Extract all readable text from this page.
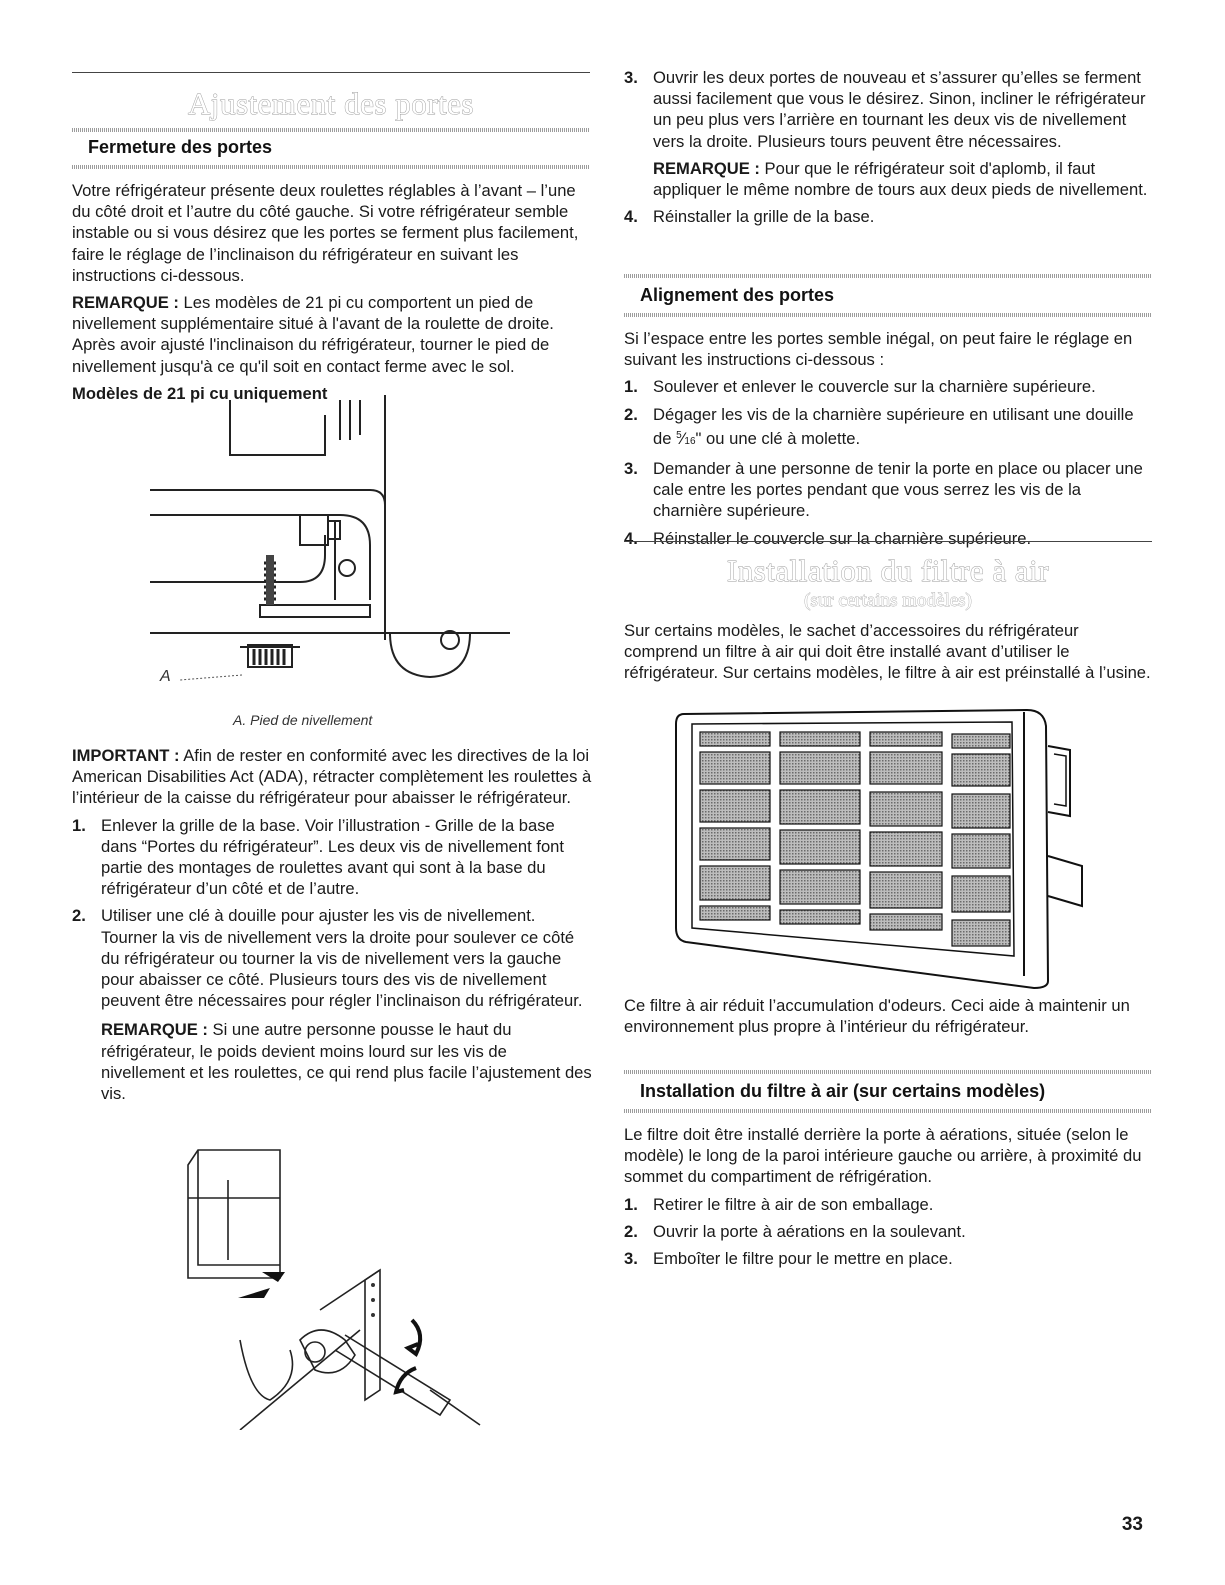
Ajustement des portes
Fermeture des portes

Votre réfrigérateur présente deux roulettes réglables à l’avant – l’une du côté droit et l’autre du côté gauche. Si votre réfrigérateur semble instable ou si vous désirez que les portes se ferment plus facilement, faire le réglage de l’inclinaison du réfrigérateur en suivant les instructions ci-dessous.

REMARQUE : Les modèles de 21 pi cu comportent un pied de nivellement supplémentaire situé à l'avant de la roulette de droite. Après avoir ajusté l'inclinaison du réfrigérateur, tourner le pied de nivellement jusqu'à ce qu'il soit en contact ferme avec le sol.

Modèles de 21 pi cu uniquement

A
A. Pied de nivellement

IMPORTANT : Afin de rester en conformité avec les directives de la loi American Disabilities Act (ADA), rétracter complètement les roulettes à l’intérieur de la caisse du réfrigérateur pour abaisser le réfrigérateur.

1. Enlever la grille de la base. Voir l’illustration - Grille de la base dans “Portes du réfrigérateur”. Les deux vis de nivellement font partie des montages de roulettes avant qui sont à la base du réfrigérateur d’un côté et de l’autre.
2. Utiliser une clé à douille pour ajuster les vis de nivellement. Tourner la vis de nivellement vers la droite pour soulever ce côté du réfrigérateur ou tourner la vis de nivellement vers la gauche pour abaisser ce côté. Plusieurs tours des vis de nivellement peuvent être nécessaires pour régler l’inclinaison du réfrigérateur.

REMARQUE : Si une autre personne pousse le haut du réfrigérateur, le poids devient moins lourd sur les vis de nivellement et les roulettes, ce qui rend plus facile l’ajustement des vis.

3. Ouvrir les deux portes de nouveau et s’assurer qu’elles se ferment aussi facilement que vous le désirez. Sinon, incliner le réfrigérateur un peu plus vers l’arrière en tournant les deux vis de nivellement vers la droite. Plusieurs tours peuvent être nécessaires.

REMARQUE : Pour que le réfrigérateur soit d'aplomb, il faut appliquer le même nombre de tours aux deux pieds de nivellement.

4. Réinstaller la grille de la base.
Alignement des portes

Si l’espace entre les portes semble inégal, on peut faire le réglage en suivant les instructions ci-dessous :

1. Soulever et enlever le couvercle sur la charnière supérieure.
2. Dégager les vis de la charnière supérieure en utilisant une douille de $^5$⁄16" ou une clé à molette.
3. Demander à une personne de tenir la porte en place ou placer une cale entre les portes pendant que vous serrez les vis de la charnière supérieure.
4. Réinstaller le couvercle sur la charnière supérieure.
Installation du filtre à air
(sur certains modèles)

Sur certains modèles, le sachet d’accessoires du réfrigérateur comprend un filtre à air qui doit être installé avant d’utiliser le réfrigérateur. Sur certains modèles, le filtre à air est préinstallé à l’usine.

Ce filtre à air réduit l’accumulation d'odeurs. Ceci aide à maintenir un environnement plus propre à l’intérieur du réfrigérateur.

Installation du filtre à air (sur certains modèles)

Le filtre doit être installé derrière la porte à aérations, située (selon le modèle) le long de la paroi intérieure gauche ou arrière, à proximité du sommet du compartiment de réfrigération.

1. Retirer le filtre à air de son emballage.
2. Ouvrir la porte à aérations en la soulevant.
3. Emboîter le filtre pour le mettre en place.
33
